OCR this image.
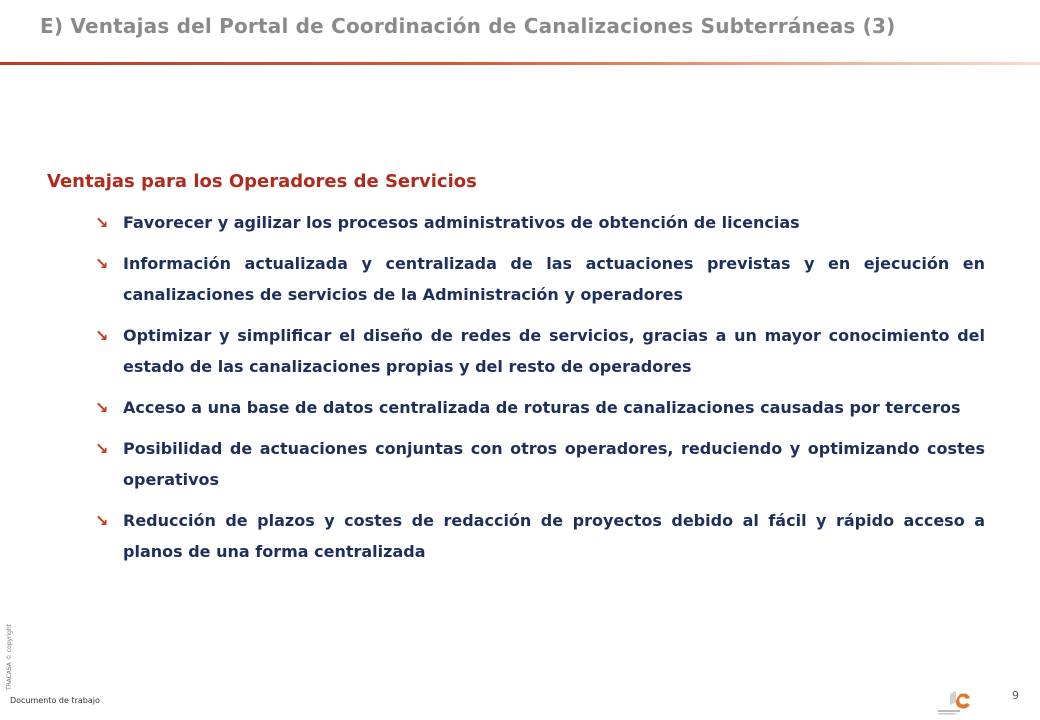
E) Ventajas del Portal de Coordinación de Canalizaciones Subterráneas (3)
Ventajas para los Operadores de Servicios
↘ Favorecer y agilizar los procesos administrativos de obtención de licencias
↘ Información actualizada y centralizada de las actuaciones previstas y en ejecución en canalizaciones de servicios de la Administración y operadores
↘ Optimizar y simplificar el diseño de redes de servicios, gracias a un mayor conocimiento del estado de las canalizaciones propias y del resto de operadores
↘ Acceso a una base de datos centralizada de roturas de canalizaciones causadas por terceros
↘ Posibilidad de actuaciones conjuntas con otros operadores, reduciendo y optimizando costes operativos
↘ Reducción de plazos y costes de redacción de proyectos debido al fácil y rápido acceso a planos de una forma centralizada
TRACASA © copyright
Documento de trabajo	9
